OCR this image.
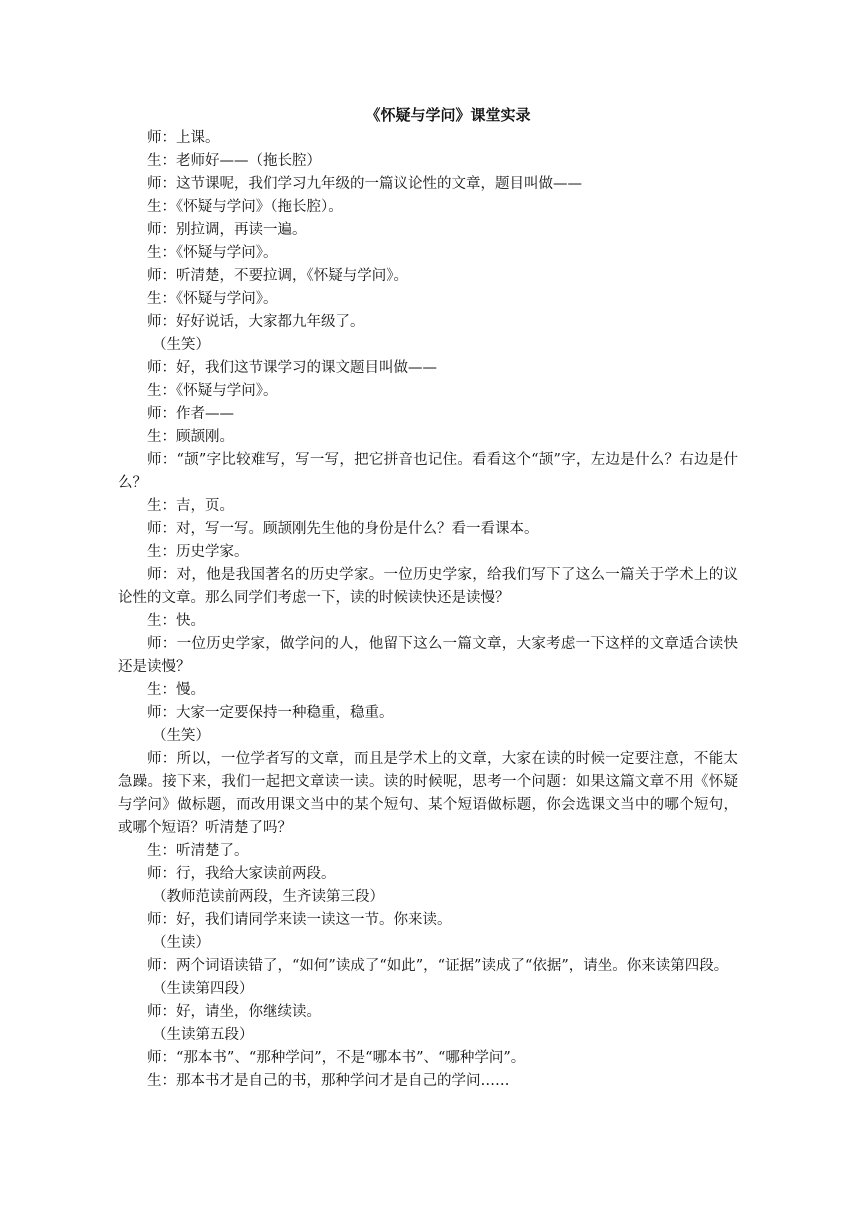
《怀疑与学问》课堂实录

师：上课。

生：老师好——（拖长腔）

师：这节课呢，我们学习九年级的一篇议论性的文章，题目叫做——

生：《怀疑与学问》（拖长腔）。

师：别拉调，再读一遍。

生：《怀疑与学问》。

师：听清楚，不要拉调，《怀疑与学问》。

生：《怀疑与学问》。

师：好好说话，大家都九年级了。

（生笑）

师：好，我们这节课学习的课文题目叫做——

生：《怀疑与学问》。

师：作者——

生：顾颉刚。

师：“颉”字比较难写，写一写，把它拼音也记住。看看这个“颉”字，左边是什么？右边是什么？

生：吉，页。

师：对，写一写。顾颉刚先生他的身份是什么？看一看课本。

生：历史学家。

师：对，他是我国著名的历史学家。一位历史学家，给我们写下了这么一篇关于学术上的议论性的文章。那么同学们考虑一下，读的时候读快还是读慢？

生：快。

师：一位历史学家，做学问的人，他留下这么一篇文章，大家考虑一下这样的文章适合读快还是读慢？

生：慢。

师：大家一定要保持一种稳重，稳重。

（生笑）

师：所以，一位学者写的文章，而且是学术上的文章，大家在读的时候一定要注意，不能太急躁。接下来，我们一起把文章读一读。读的时候呢，思考一个问题：如果这篇文章不用《怀疑与学问》做标题，而改用课文当中的某个短句、某个短语做标题，你会选课文当中的哪个短句，或哪个短语？听清楚了吗？

生：听清楚了。

师：行，我给大家读前两段。

（教师范读前两段，生齐读第三段）

师：好，我们请同学来读一读这一节。你来读。

（生读）

师：两个词语读错了，“如何”读成了“如此”，“证据”读成了“依据”，请坐。你来读第四段。

（生读第四段）

师：好，请坐，你继续读。

（生读第五段）

师：“那本书”、“那种学问”，不是“哪本书”、“哪种学问”。

生：那本书才是自己的书，那种学问才是自己的学问……
